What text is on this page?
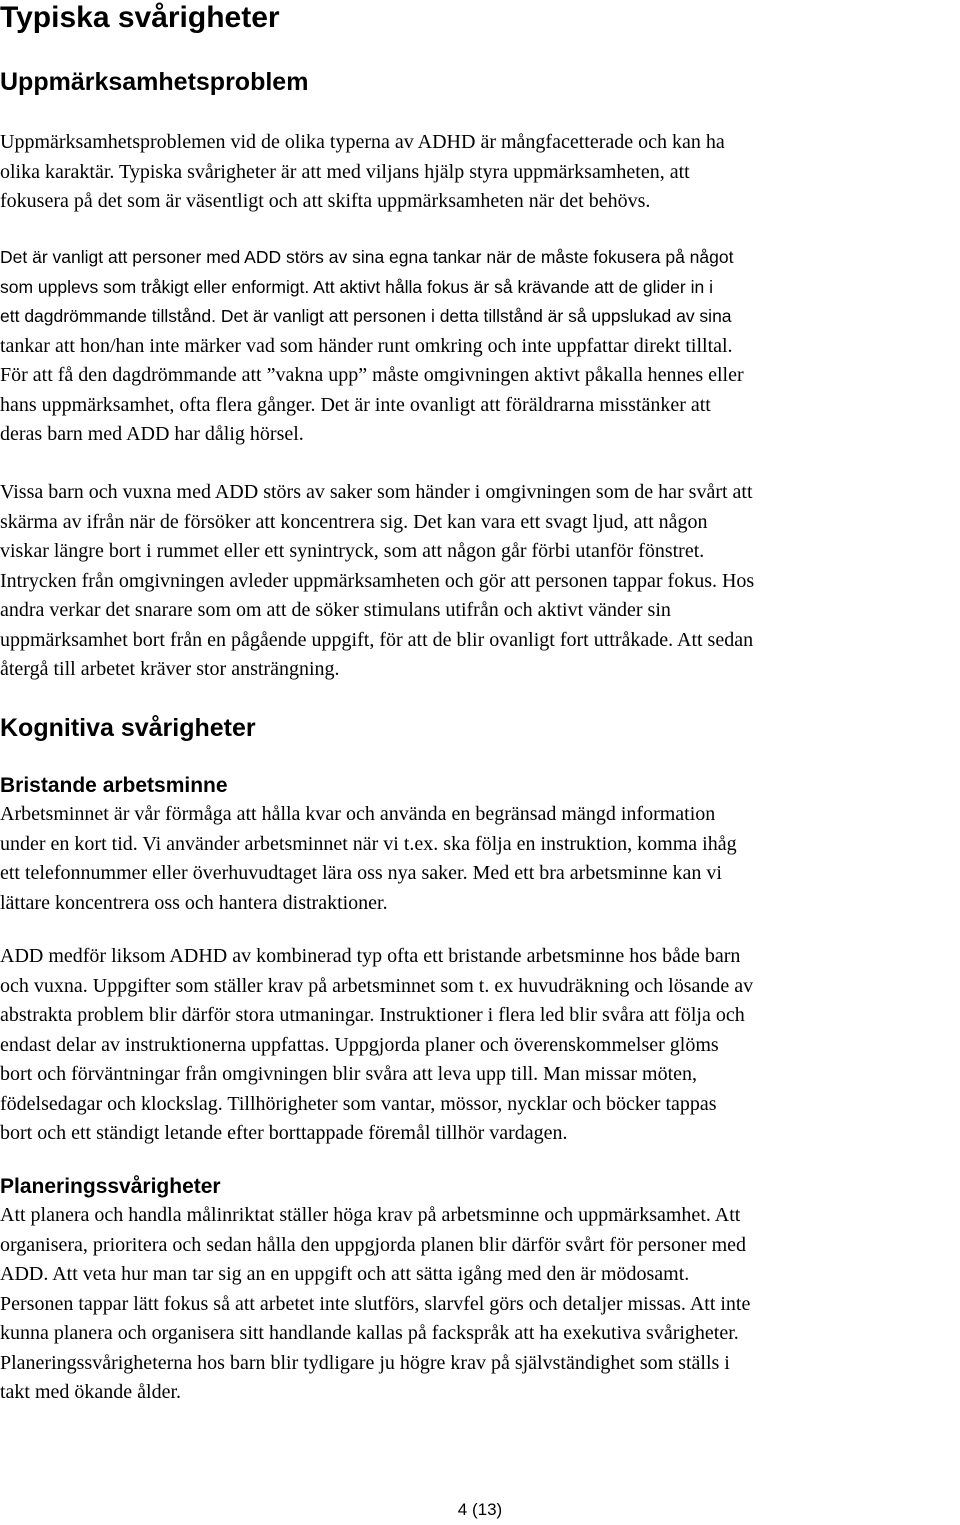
Typiska svårigheter
Uppmärksamhetsproblem
Uppmärksamhetsproblemen vid de olika typerna av ADHD är mångfacetterade och kan ha
olika karaktär. Typiska svårigheter är att med viljans hjälp styra uppmärksamheten, att
fokusera på det som är väsentligt och att skifta uppmärksamheten när det behövs.
Det är vanligt att personer med ADD störs av sina egna tankar när de måste fokusera på något
som upplevs som tråkigt eller enformigt. Att aktivt hålla fokus är så krävande att de glider in i
ett dagdrömmande tillstånd. Det är vanligt att personen i detta tillstånd är så uppslukad av sina
tankar att hon/han inte märker vad som händer runt omkring och inte uppfattar direkt tilltal.
För att få den dagdrömmande att ”vakna upp” måste omgivningen aktivt påkalla hennes eller
hans uppmärksamhet, ofta flera gånger. Det är inte ovanligt att föräldrarna misstänker att
deras barn med ADD har dålig hörsel.
Vissa barn och vuxna med ADD störs av saker som händer i omgivningen som de har svårt att
skärma av ifrån när de försöker att koncentrera sig. Det kan vara ett svagt ljud, att någon
viskar längre bort i rummet eller ett synintryck, som att någon går förbi utanför fönstret.
Intrycken från omgivningen avleder uppmärksamheten och gör att personen tappar fokus. Hos
andra verkar det snarare som om att de söker stimulans utifrån och aktivt vänder sin
uppmärksamhet bort från en pågående uppgift, för att de blir ovanligt fort uttråkade. Att sedan
återgå till arbetet kräver stor ansträngning.
Kognitiva svårigheter
Bristande arbetsminne
Arbetsminnet är vår förmåga att hålla kvar och använda en begränsad mängd information
under en kort tid. Vi använder arbetsminnet när vi t.ex. ska följa en instruktion, komma ihåg
ett telefonnummer eller överhuvudtaget lära oss nya saker. Med ett bra arbetsminne kan vi
lättare koncentrera oss och hantera distraktioner.
ADD medför liksom ADHD av kombinerad typ ofta ett bristande arbetsminne hos både barn
och vuxna. Uppgifter som ställer krav på arbetsminnet som t. ex huvudräkning och lösande av
abstrakta problem blir därför stora utmaningar. Instruktioner i flera led blir svåra att följa och
endast delar av instruktionerna uppfattas. Uppgjorda planer och överenskommelser glöms
bort och förväntningar från omgivningen blir svåra att leva upp till. Man missar möten,
födelsedagar och klockslag. Tillhörigheter som vantar, mössor, nycklar och böcker tappas
bort och ett ständigt letande efter borttappade föremål tillhör vardagen.
Planeringssvårigheter
Att planera och handla målinriktat ställer höga krav på arbetsminne och uppmärksamhet. Att
organisera, prioritera och sedan hålla den uppgjorda planen blir därför svårt för personer med
ADD. Att veta hur man tar sig an en uppgift och att sätta igång med den är mödosamt.
Personen tappar lätt fokus så att arbetet inte slutförs, slarvfel görs och detaljer missas. Att inte
kunna planera och organisera sitt handlande kallas på fackspråk att ha exekutiva svårigheter.
Planeringssvårigheterna hos barn blir tydligare ju högre krav på självständighet som ställs i
takt med ökande ålder.
4 (13)
